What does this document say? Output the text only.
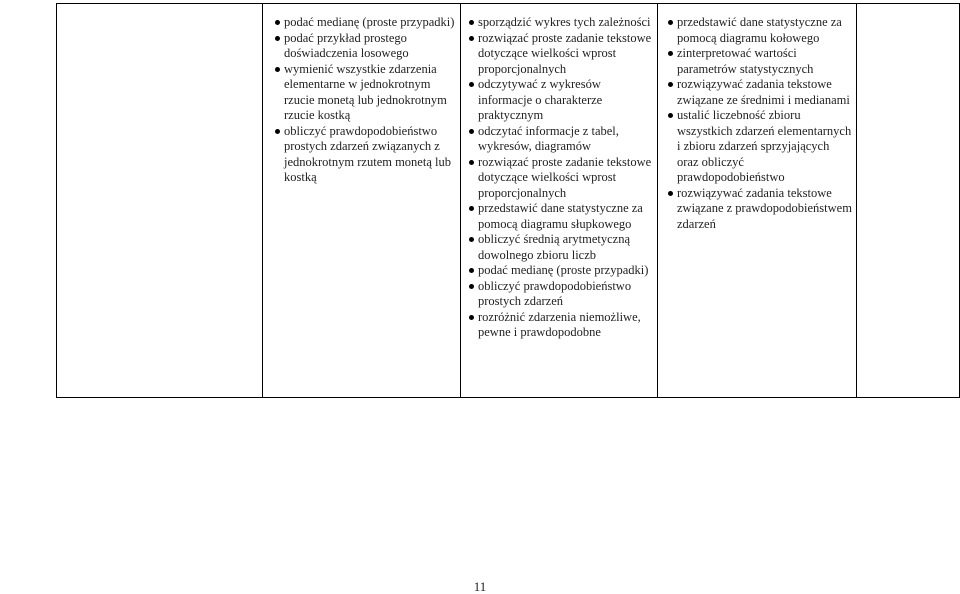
podać medianę (proste przypadki)
podać przykład prostego doświadczenia losowego
wymienić wszystkie zdarzenia elementarne w jednokrotnym rzucie monetą lub jednokrotnym rzucie kostką
obliczyć prawdopodobieństwo prostych zdarzeń związanych z jednokrotnym rzutem monetą lub kostką
sporządzić wykres tych zależności
rozwiązać proste zadanie tekstowe dotyczące wielkości wprost proporcjonalnych
odczytywać z wykresów informacje o charakterze praktycznym
odczytać informacje z tabel, wykresów, diagramów
rozwiązać proste zadanie tekstowe dotyczące wielkości wprost proporcjonalnych
przedstawić dane statystyczne za pomocą diagramu słupkowego
obliczyć średnią arytmetyczną dowolnego zbioru liczb
podać medianę (proste przypadki)
obliczyć prawdopodobieństwo prostych zdarzeń
rozróżnić zdarzenia niemożliwe, pewne i prawdopodobne
przedstawić dane statystyczne za pomocą diagramu kołowego
zinterpretować wartości parametrów statystycznych
rozwiązywać zadania tekstowe związane ze średnimi i medianami
ustalić liczebność zbioru wszystkich zdarzeń elementarnych i zbioru zdarzeń sprzyjających oraz obliczyć prawdopodobieństwo
rozwiązywać zadania tekstowe związane z prawdopodobieństwem zdarzeń
11
